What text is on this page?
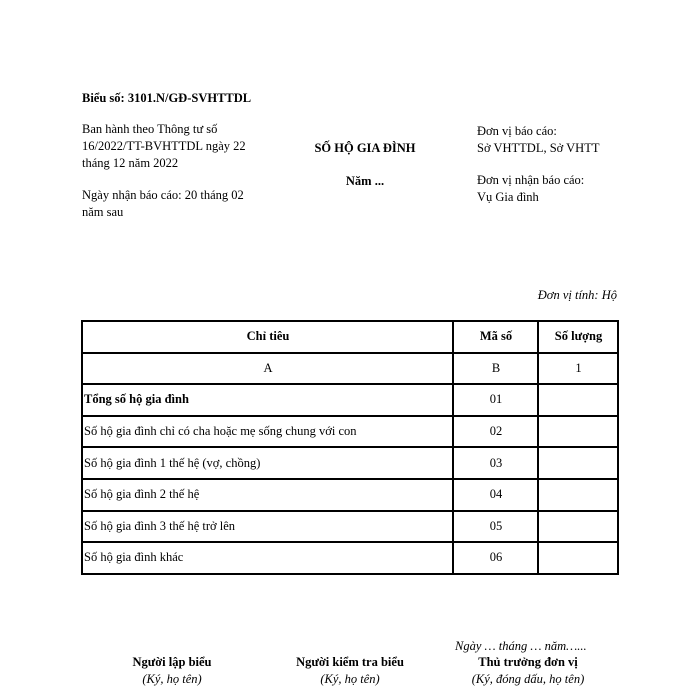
Biểu số: 3101.N/GĐ-SVHTTDL

Ban hành theo Thông tư số 16/2022/TT-BVHTTDL ngày 22 tháng 12 năm 2022

Ngày nhận báo cáo: 20 tháng 02 năm sau

SỐ HỘ GIA ĐÌNH

Năm ...

Đơn vị báo cáo:
Sở VHTTDL, Sở VHTT

Đơn vị nhận báo cáo:
Vụ Gia đình

Đơn vị tính: Hộ
Chỉ tiêu	Mã số	Số lượng
A	B	1
Tổng số hộ gia đình	01	
Số hộ gia đình chỉ có cha hoặc mẹ sống chung với con	02	
Số hộ gia đình 1 thế hệ (vợ, chồng)	03	
Số hộ gia đình 2 thế hệ	04	
Số hộ gia đình 3 thế hệ trở lên	05	
Số hộ gia đình khác	06	
Ngày … tháng … năm…...
Người lập biểu
(Ký, họ tên)
Người kiểm tra biểu
(Ký, họ tên)
Thủ trưởng đơn vị
(Ký, đóng dấu, họ tên)
